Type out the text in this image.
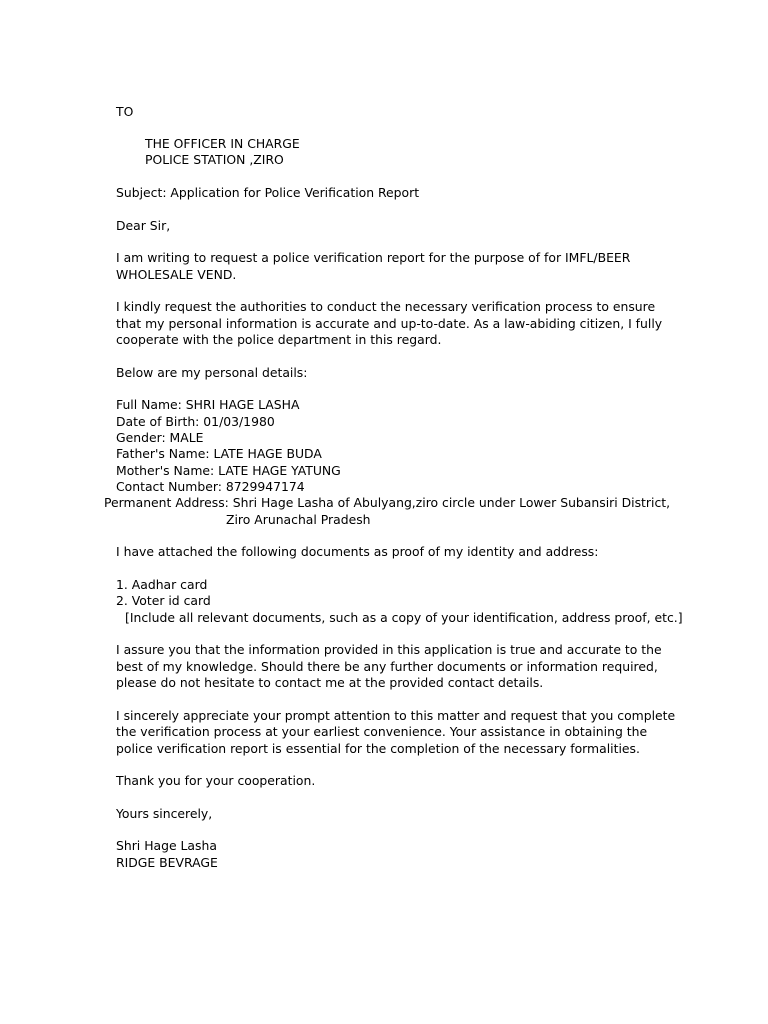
TO

THE OFFICER IN CHARGE

POLICE STATION ,ZIRO

Subject: Application for Police Verification Report

Dear Sir,

I am writing to request a police verification report for the purpose of for IMFL/BEER

WHOLESALE VEND.

I kindly request the authorities to conduct the necessary verification process to ensure

that my personal information is accurate and up-to-date. As a law-abiding citizen, I fully

cooperate with the police department in this regard.

Below are my personal details:

Full Name: SHRI HAGE LASHA

Date of Birth: 01/03/1980

Gender: MALE

Father's Name: LATE HAGE BUDA

Mother's Name: LATE HAGE YATUNG

Contact Number: 8729947174

Permanent Address: Shri Hage Lasha of Abulyang,ziro circle under Lower Subansiri District,

Ziro Arunachal Pradesh

I have attached the following documents as proof of my identity and address:

1. Aadhar card

2. Voter id card

[Include all relevant documents, such as a copy of your identification, address proof, etc.]

I assure you that the information provided in this application is true and accurate to the

best of my knowledge. Should there be any further documents or information required,

please do not hesitate to contact me at the provided contact details.

I sincerely appreciate your prompt attention to this matter and request that you complete

the verification process at your earliest convenience. Your assistance in obtaining the

police verification report is essential for the completion of the necessary formalities.

Thank you for your cooperation.

Yours sincerely,

Shri Hage Lasha

RIDGE BEVRAGE
